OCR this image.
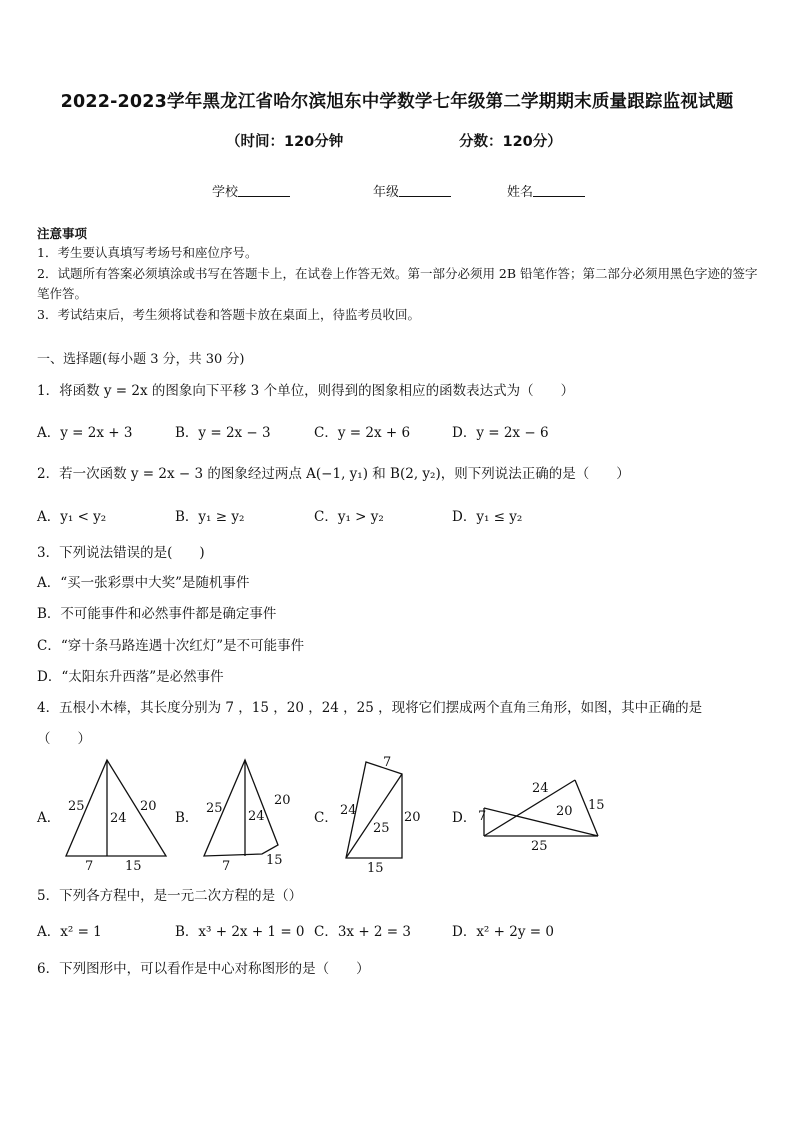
2022-2023学年黑龙江省哈尔滨旭东中学数学七年级第二学期期末质量跟踪监视试题
（时间：120分钟	分数：120分）
学校	年级	姓名
注意事项
1．考生要认真填写考场号和座位序号。
2．试题所有答案必须填涂或书写在答题卡上，在试卷上作答无效。第一部分必须用 2B 铅笔作答；第二部分必须用黑色字迹的签字笔作答。
3．考试结束后，考生须将试卷和答题卡放在桌面上，待监考员收回。
一、选择题(每小题 3 分，共 30 分)
1．将函数 y = 2x 的图象向下平移 3 个单位，则得到的图象相应的函数表达式为（　　）
A．y = 2x + 3	B．y = 2x − 3	C．y = 2x + 6	D．y = 2x − 6
2．若一次函数 y = 2x − 3 的图象经过两点 A(−1, y₁) 和 B(2, y₂)，则下列说法正确的是（　　）
A．y₁ < y₂	B．y₁ ≥ y₂	C．y₁ > y₂	D．y₁ ≤ y₂
3．下列说法错误的是(　　)
A．“买一张彩票中大奖”是随机事件
B．不可能事件和必然事件都是确定事件
C．“穿十条马路连遇十次红灯”是不可能事件
D．“太阳东升西落”是必然事件
4．五根小木棒，其长度分别为 7 ，15 ，20 ，24 ，25 ，现将它们摆成两个直角三角形，如图，其中正确的是
（　　）
A．
25
24
20
7 15
B．
25
24
20
7	15
C．
7
24
25
20
15
D．
24
7	20 15
25
5．下列各方程中，是一元二次方程的是（）
A．x² = 1	B．x³ + 2x + 1 = 0 C．3x + 2 = 3	D．x² + 2y = 0
6．下列图形中，可以看作是中心对称图形的是（　　）
